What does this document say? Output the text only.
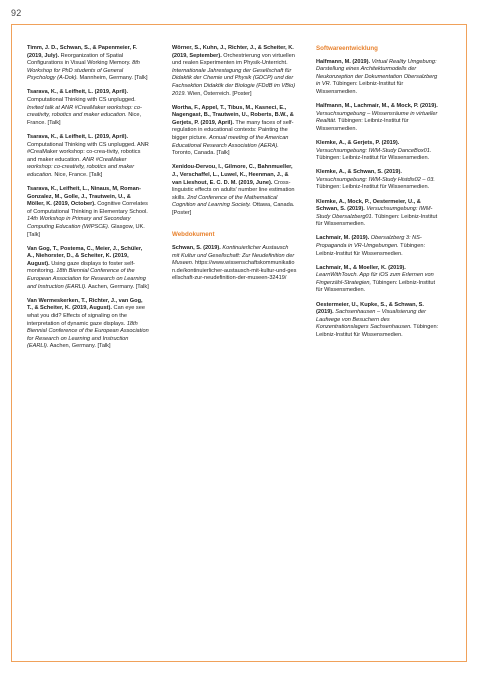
92

Timm, J. D., Schwan, S., & Papenmeier, F. (2019, July). Reorganization of Spatial Configurations in Visual Working Memory. 8th Workshop for PhD students of General Psychology (A-Dok). Mannheim, Germany. [Talk]

Tsarava, K., & Leifheit, L. (2019, April). Computational Thinking with CS unplugged. Invited talk at ANR #CreaMaker workshop: co-creativity, robotics and maker education. Nice, France. [Talk]

Tsarava, K., & Leifheit, L. (2019, April). Computational Thinking with CS unplugged. ANR #CreaMaker workshop: co-crea-tivity, robotics and maker education. ANR #CreaMaker workshop: co-creativity, robotics and maker education. Nice, France. [Talk]

Tsarava, K., Leifheit, L., Ninaus, M, Roman-Gonzalez, M., Golle, J., Trautwein, U., & Möller, K. (2019, October). Cognitive Correlates of Computational Thinking in Elementary School. 14th Workshop in Primary and Secondary Computing Education (WIPSCE). Glasgow, UK. [Talk]

Van Gog, T., Postema, C., Meier, J., Schüler, A., Niehorster, D., & Scheiter, K. (2019, August). Using gaze displays to foster self-monitoring. 18th Biennial Conference of the European Association for Research on Learning and Instruction (EARLI). Aachen, Germany. [Talk]

Van Wermeskerken, T., Richter, J., van Gog, T., & Scheiter, K. (2019, August). Can eye see what you did? Effects of signaling on the interpretation of dynamic gaze displays. 18th Biennial Conference of the European Association for Research on Learning and Instruction (EARLI). Aachen, Germany. [Talk]

Wörner, S., Kuhn, J., Richter, J., & Scheiter, K. (2019, September). Orchestrierung von virtuellen und realen Experimenten im Physik-Unterricht. Internationale Jahrestagung der Gesellschaft für Didaktik der Chemie und Physik (GDCP) und der Fachsektion Didaktik der Biologie (FDdB im VBio) 2019. Wien, Österreich. [Poster]

Wortha, F., Appel, T., Tibus, M., Kasneci, E., Nagengast, B., Trautwein, U., Roberts, B.W., & Gerjets, P. (2019, April). The many faces of self-regulation in educational contexts: Painting the bigger picture. Annual meeting of the American Educational Research Association (AERA). Toronto, Canada. [Talk]

Xenidou-Dervou, I., Gilmore, C., Bahnmueller, J., Verschaffel, L., Luwel, K., Heenman, J., & van Lieshout, E. C. D. M. (2019, June). Cross-linguistic effects on adults' number line estimation skills. 2nd Conference of the Mathematical Cognition and Learning Society. Ottawa, Canada. [Poster]

Webdokument

Schwan, S. (2019). Kontinuierlicher Austausch mit Kultur und Gesellschaft: Zur Neudefinition der Museen. https://www.wissenschaftskommunikation.de/kontinuierlicher-austausch-mit-kultur-und-gesellschaft-zur-neudefinition-der-museen-32419/

Softwareentwicklung

Halfmann, M. (2019). Virtual Reality Umgebung: Darstellung eines Architekturmodells der Neukonzeption der Dokumentation Obersalzberg in VR. Tübingen: Leibniz-Institut für Wissensmedien.

Halfmann, M., Lachmair, M., & Mock, P. (2019). Versuchsumgebung – Wissensräume in virtueller Realität. Tübingen: Leibniz-Institut für Wissensmedien.

Klemke, A., & Gerjets, P. (2019). Versuchsumgebung: IWM-Study DanceBox01. Tübingen: Leibniz-Institut für Wissensmedien.

Klemke, A., & Schwan, S. (2019). Versuchsumgebung: IWM-Study Histdis02 – 03. Tübingen: Leibniz-Institut für Wissensmedien.

Klemke, A., Mock, P., Oestermeier, U., & Schwan, S. (2019). Versuchsumgebung: IWM-Study Obersalzberg01. Tübingen: Leibniz-Institut für Wissensmedien.

Lachmair, M. (2019). Obersalzberg 3: NS-Propaganda in VR-Umgebungen. Tübingen: Leibniz-Institut für Wissensmedien.

Lachmair, M., & Moeller, K. (2019). LearnWithTouch. App für iOS zum Erlernen von Fingerzähl-Strategien, Tübingen: Leibniz-Institut für Wissensmedien.

Oestermeier, U., Kupke, S., & Schwan, S. (2019). Sachsenhausen – Visualisierung der Laufwege von Besuchern des Konzentrationslagers Sachsenhausen. Tübingen: Leibniz-Institut für Wissensmedien.
